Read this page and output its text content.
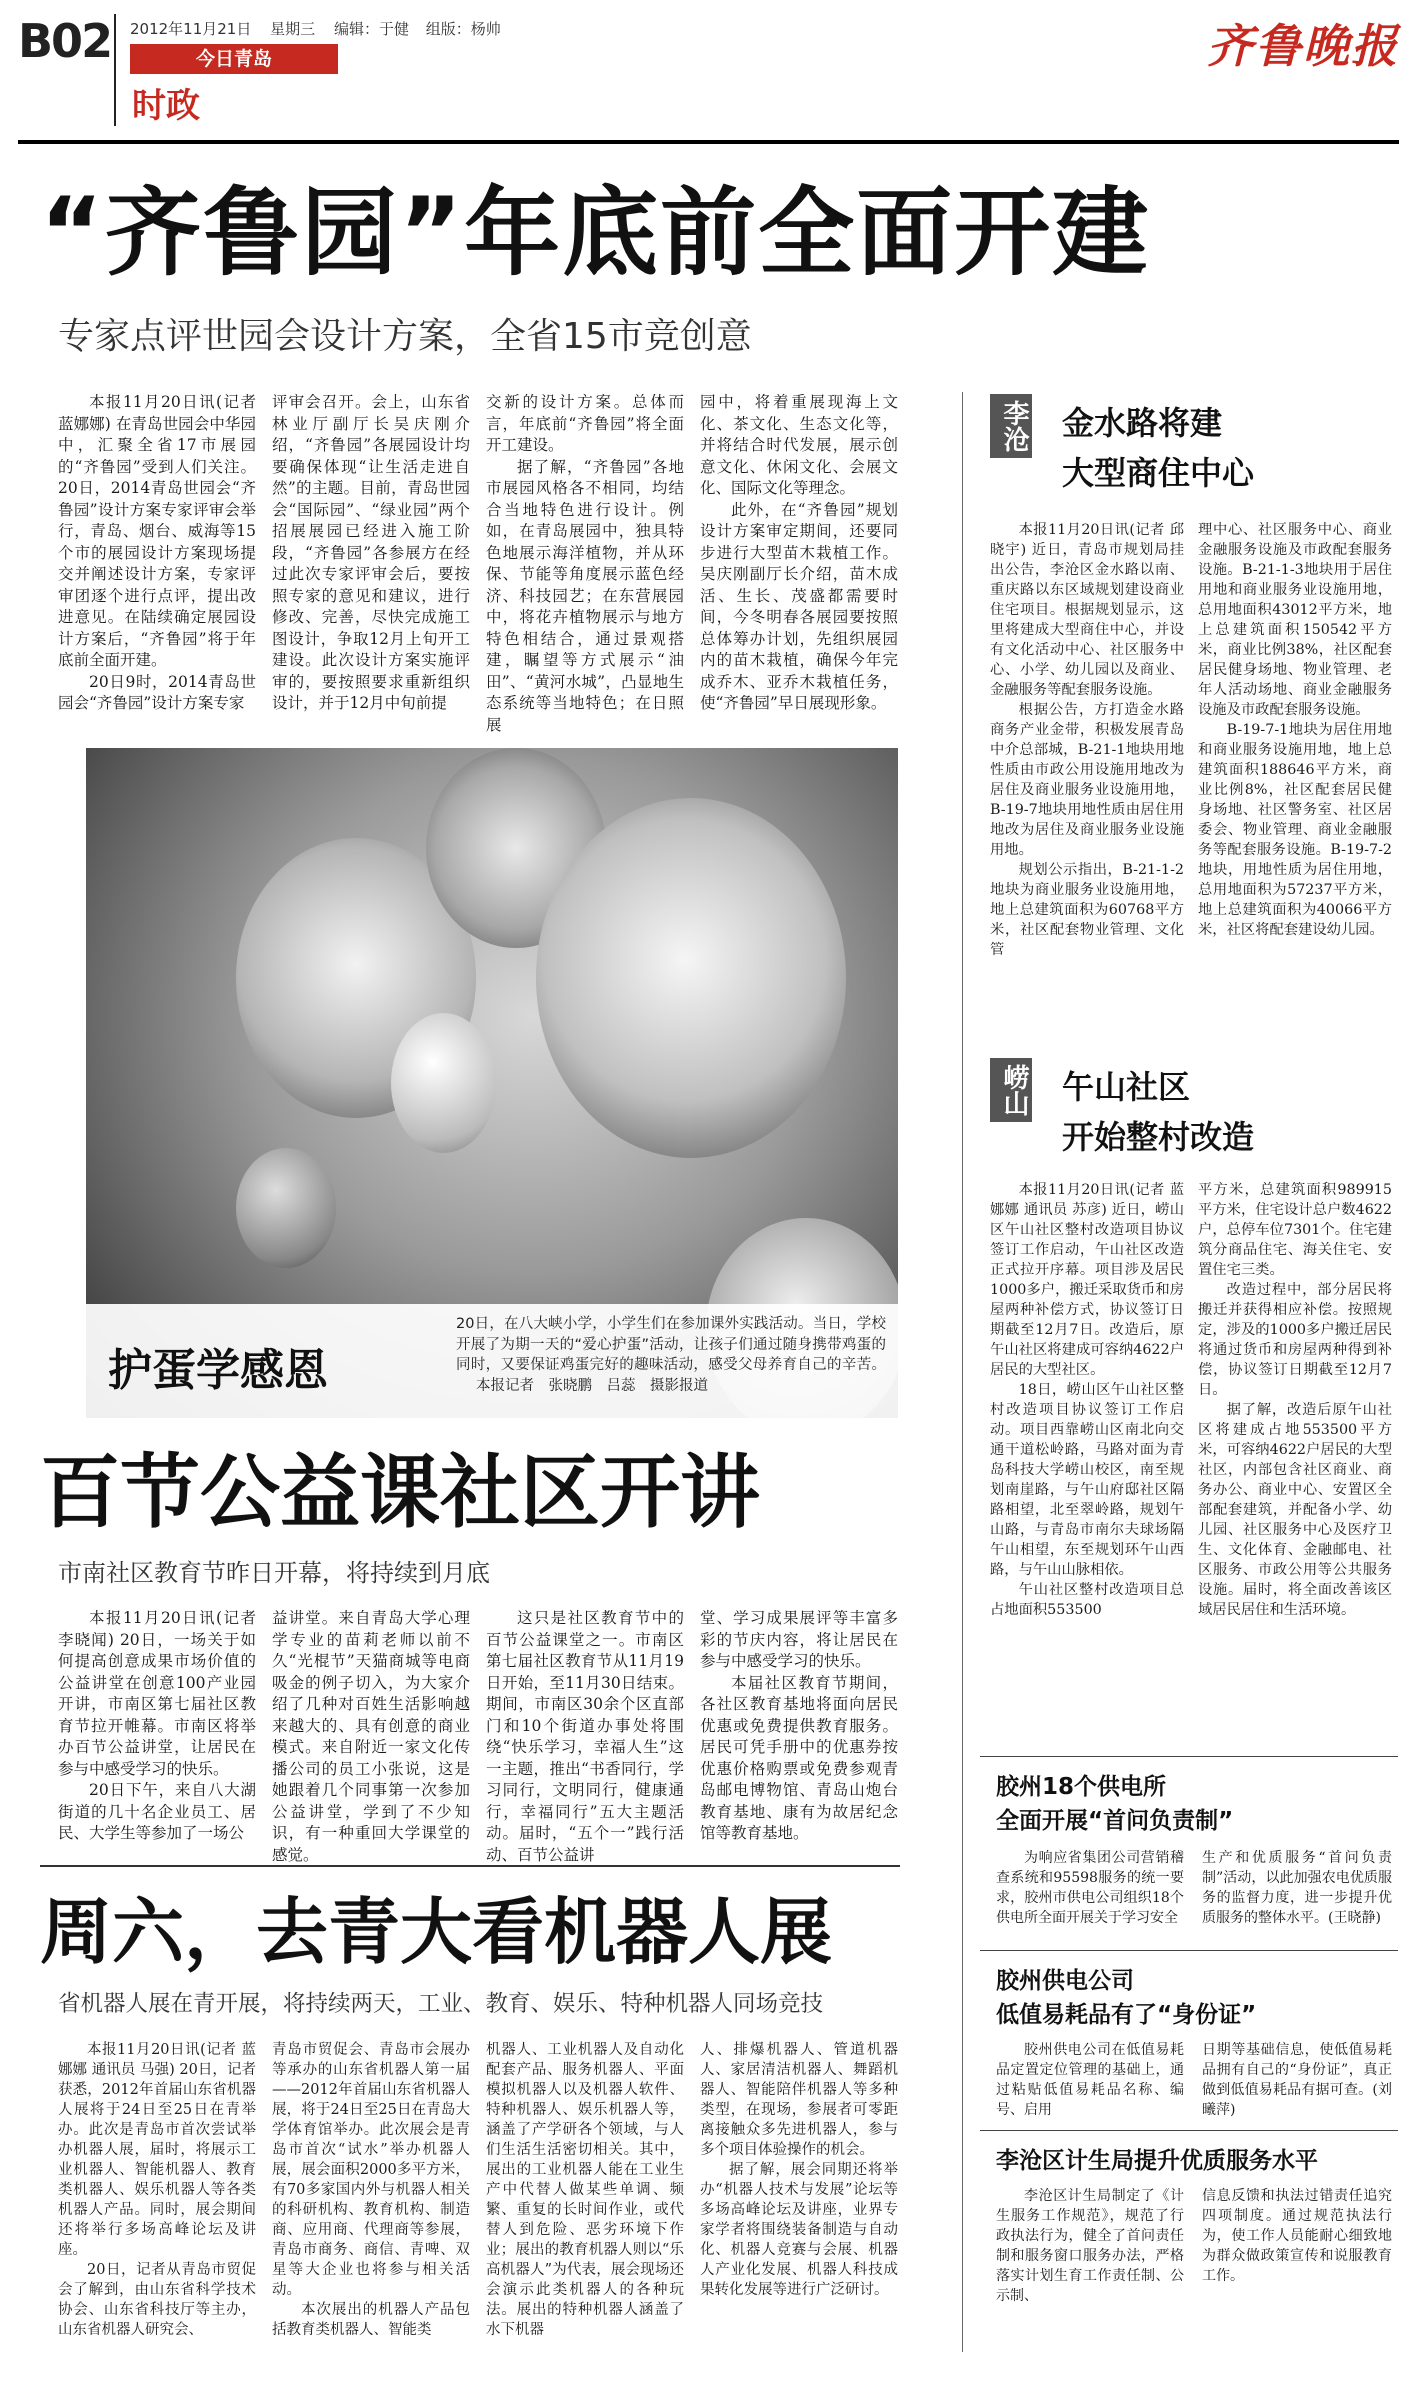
B02 2012年11月21日 星期三 编辑：于健 组版：杨帅
今日青岛
时政
齐鲁晚报
“齐鲁园”年底前全面开建
专家点评世园会设计方案，全省15市竞创意

本报11月20日讯(记者 蓝娜娜) 在青岛世园会中华园中，汇聚全省17市展园的“齐鲁园”受到人们关注。20日，2014青岛世园会“齐鲁园”设计方案专家评审会举行，青岛、烟台、威海等15个市的展园设计方案现场提交并阐述设计方案，专家评审团逐个进行点评，提出改进意见。在陆续确定展园设计方案后，“齐鲁园”将于年底前全面开建。

20日9时，2014青岛世园会“齐鲁园”设计方案专家

评审会召开。会上，山东省林业厅副厅长吴庆刚介绍，“齐鲁园”各展园设计均要确保体现“让生活走进自然”的主题。目前，青岛世园会“国际园”、“绿业园”两个招展展园已经进入施工阶段，“齐鲁园”各参展方在经过此次专家评审会后，要按照专家的意见和建议，进行修改、完善，尽快完成施工图设计，争取12月上旬开工建设。此次设计方案实施评审的，要按照要求重新组织设计，并于12月中旬前提

交新的设计方案。总体而言，年底前“齐鲁园”将全面开工建设。

据了解，“齐鲁园”各地市展园风格各不相同，均结合当地特色进行设计。例如，在青岛展园中，独具特色地展示海洋植物，并从环保、节能等角度展示蓝色经济、科技园艺；在东营展园中，将花卉植物展示与地方特色相结合，通过景观搭建，瞩望等方式展示“油田”、“黄河水城”，凸显地生态系统等当地特色；在日照展

园中，将着重展现海上文化、茶文化、生态文化等，并将结合时代发展，展示创意文化、休闲文化、会展文化、国际文化等理念。

此外，在“齐鲁园”规划设计方案审定期间，还要同步进行大型苗木栽植工作。吴庆刚副厅长介绍，苗木成活、生长、茂盛都需要时间，今冬明春各展园要按照总体筹办计划，先组织展园内的苗木栽植，确保今年完成乔木、亚乔木栽植任务，使“齐鲁园”早日展现形象。

护蛋学感恩
20日，在八大峡小学，小学生们在参加课外实践活动。当日，学校开展了为期一天的“爱心护蛋”活动，让孩子们通过随身携带鸡蛋的同时，又要保证鸡蛋完好的趣味活动，感受父母养育自己的辛苦。 本报记者　张晓鹏　吕蕊　摄影报道
百节公益课社区开讲
市南社区教育节昨日开幕，将持续到月底

本报11月20日讯(记者 李晓闻) 20日，一场关于如何提高创意成果市场价值的公益讲堂在创意100产业园开讲，市南区第七届社区教育节拉开帷幕。市南区将举办百节公益讲堂，让居民在参与中感受学习的快乐。

20日下午，来自八大湖街道的几十名企业员工、居民、大学生等参加了一场公

益讲堂。来自青岛大学心理学专业的苗莉老师以前不久“光棍节”天猫商城等电商吸金的例子切入，为大家介绍了几种对百姓生活影响越来越大的、具有创意的商业模式。来自附近一家文化传播公司的员工小张说，这是她跟着几个同事第一次参加公益讲堂，学到了不少知识，有一种重回大学课堂的感觉。

这只是社区教育节中的百节公益课堂之一。市南区第七届社区教育节从11月19日开始，至11月30日结束。期间，市南区30余个区直部门和10个街道办事处将围绕“快乐学习，幸福人生”这一主题，推出“书香同行，学习同行，文明同行，健康通行，幸福同行”五大主题活动。届时，“五个一”践行活动、百节公益讲

堂、学习成果展评等丰富多彩的节庆内容，将让居民在参与中感受学习的快乐。

本届社区教育节期间，各社区教育基地将面向居民优惠或免费提供教育服务。居民可凭手册中的优惠券按优惠价格购票或免费参观青岛邮电博物馆、青岛山炮台教育基地、康有为故居纪念馆等教育基地。

周六，去青大看机器人展
省机器人展在青开展，将持续两天，工业、教育、娱乐、特种机器人同场竞技

本报11月20日讯(记者 蓝娜娜 通讯员 马强) 20日，记者获悉，2012年首届山东省机器人展将于24日至25日在青举办。此次是青岛市首次尝试举办机器人展，届时，将展示工业机器人、智能机器人、教育类机器人、娱乐机器人等各类机器人产品。同时，展会期间还将举行多场高峰论坛及讲座。

20日，记者从青岛市贸促会了解到，由山东省科学技术协会、山东省科技厅等主办，山东省机器人研究会、

青岛市贸促会、青岛市会展办等承办的山东省机器人第一届——2012年首届山东省机器人展，将于24日至25日在青岛大学体育馆举办。此次展会是青岛市首次“试水”举办机器人展，展会面积2000多平方米，有70多家国内外与机器人相关的科研机构、教育机构、制造商、应用商、代理商等参展，青岛市商务、商信、青啤、双星等大企业也将参与相关活动。

本次展出的机器人产品包括教育类机器人、智能类

机器人、工业机器人及自动化配套产品、服务机器人、平面模拟机器人以及机器人软件、特种机器人、娱乐机器人等，涵盖了产学研各个领域，与人们生活生活密切相关。其中，展出的工业机器人能在工业生产中代替人做某些单调、频繁、重复的长时间作业，或代替人到危险、恶劣环境下作业；展出的教育机器人则以“乐高机器人”为代表，展会现场还会演示此类机器人的各种玩法。展出的特种机器人涵盖了水下机器

人、排爆机器人、管道机器人、家居清洁机器人、舞蹈机器人、智能陪伴机器人等多种类型，在现场，参展者可零距离接触众多先进机器人，参与多个项目体验操作的机会。

据了解，展会同期还将举办“机器人技术与发展”论坛等多场高峰论坛及讲座，业界专家学者将围绕装备制造与自动化、机器人竞赛与会展、机器人产业化发展、机器人科技成果转化发展等进行广泛研讨。

李沧 金水路将建
大型商住中心

本报11月20日讯(记者 邱晓宇) 近日，青岛市规划局挂出公告，李沧区金水路以南、重庆路以东区域规划建设商业住宅项目。根据规划显示，这里将建成大型商住中心，并设有文化活动中心、社区服务中心、小学、幼儿园以及商业、金融服务等配套服务设施。

根据公告，方打造金水路商务产业金带，积极发展青岛中介总部城，B-21-1地块用地性质由市政公用设施用地改为居住及商业服务业设施用地，B-19-7地块用地性质由居住用地改为居住及商业服务业设施用地。

规划公示指出，B-21-1-2地块为商业服务业设施用地，地上总建筑面积为60768平方米，社区配套物业管理、文化管

理中心、社区服务中心、商业金融服务设施及市政配套服务设施。B-21-1-3地块用于居住用地和商业服务业设施用地，总用地面积43012平方米，地上总建筑面积150542平方米，商业比例38%，社区配套居民健身场地、物业管理、老年人活动场地、商业金融服务设施及市政配套服务设施。

B-19-7-1地块为居住用地和商业服务设施用地，地上总建筑面积188646平方米，商业比例8%，社区配套居民健身场地、社区警务室、社区居委会、物业管理、商业金融服务等配套服务设施。B-19-7-2地块，用地性质为居住用地，总用地面积为57237平方米，地上总建筑面积为40066平方米，社区将配套建设幼儿园。

崂山 午山社区
开始整村改造

本报11月20日讯(记者 蓝娜娜 通讯员 苏彦) 近日，崂山区午山社区整村改造项目协议签订工作启动，午山社区改造正式拉开序幕。项目涉及居民1000多户，搬迁采取货币和房屋两种补偿方式，协议签订日期截至12月7日。改造后，原午山社区将建成可容纳4622户居民的大型社区。

18日，崂山区午山社区整村改造项目协议签订工作启动。项目西靠崂山区南北向交通干道松岭路，马路对面为青岛科技大学崂山校区，南至规划南崖路，与午山府邸社区隔路相望，北至翠岭路，规划午山路，与青岛市南尔夫球场隔午山相望，东至规划环午山西路，与午山山脉相依。

午山社区整村改造项目总占地面积553500

平方米，总建筑面积989915平方米，住宅设计总户数4622户，总停车位7301个。住宅建筑分商品住宅、海关住宅、安置住宅三类。

改造过程中，部分居民将搬迁并获得相应补偿。按照规定，涉及的1000多户搬迁居民将通过货币和房屋两种得到补偿，协议签订日期截至12月7日。

据了解，改造后原午山社区将建成占地553500平方米，可容纳4622户居民的大型社区，内部包含社区商业、商务办公、商业中心、安置区全部配套建筑，并配备小学、幼儿园、社区服务中心及医疗卫生、文化体育、金融邮电、社区服务、市政公用等公共服务设施。届时，将全面改善该区域居民居住和生活环境。

胶州18个供电所
全面开展“首问负责制”

为响应省集团公司营销稽查系统和95598服务的统一要求，胶州市供电公司组织18个供电所全面开展关于学习安全

生产和优质服务“首问负责制”活动，以此加强农电优质服务的监督力度，进一步提升优质服务的整体水平。(王晓静)

胶州供电公司
低值易耗品有了“身份证”

胶州供电公司在低值易耗品定置定位管理的基础上，通过粘贴低值易耗品名称、编号、启用

日期等基础信息，使低值易耗品拥有自己的“身份证”，真正做到低值易耗品有据可查。(刘曦萍)

李沧区计生局提升优质服务水平

李沧区计生局制定了《计生服务工作规范》，规范了行政执法行为，健全了首问责任制和服务窗口服务办法，严格落实计划生育工作责任制、公示制、

信息反馈和执法过错责任追究四项制度。通过规范执法行为，使工作人员能耐心细致地为群众做政策宣传和说服教育工作。
